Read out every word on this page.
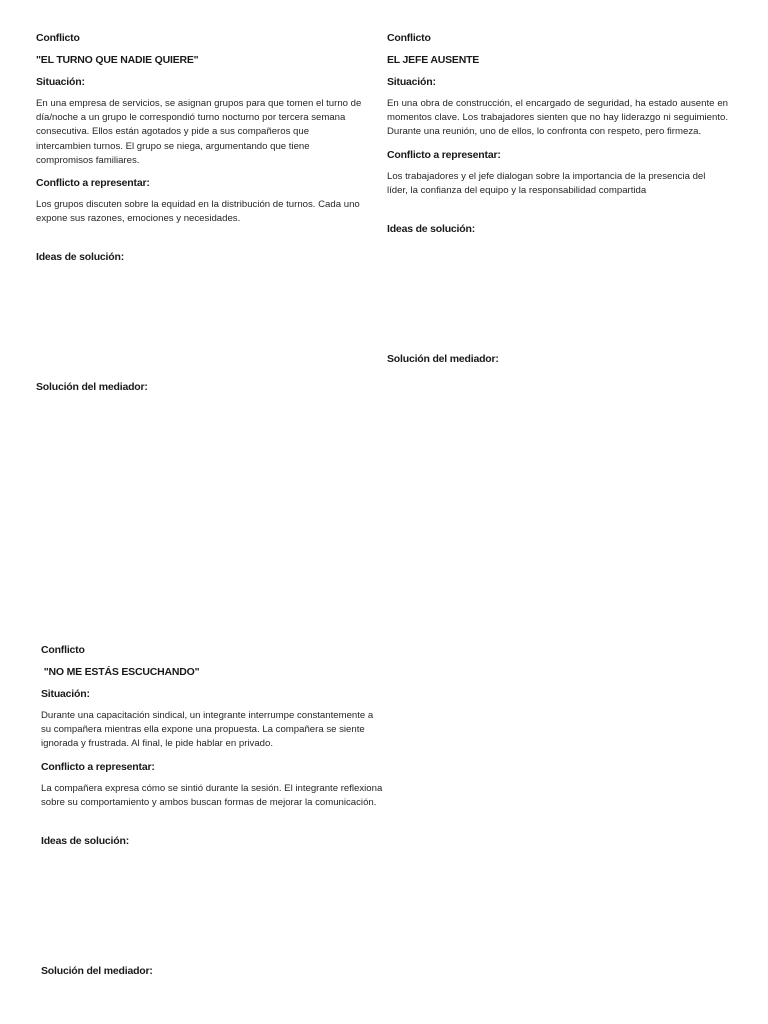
Conflicto

"EL TURNO QUE NADIE QUIERE"

Situación:

En una empresa de servicios, se asignan grupos para que tomen el turno de día/noche a un grupo le correspondió turno nocturno por tercera semana consecutiva. Ellos están agotados y pide a sus compañeros que intercambien turnos. El grupo se niega, argumentando que tiene compromisos familiares.

Conflicto a representar:

Los grupos discuten sobre la equidad en la distribución de turnos. Cada uno expone sus razones, emociones y necesidades.

Ideas de solución:

Solución del mediador:

Conflicto

EL JEFE AUSENTE

Situación:

En una obra de construcción, el encargado de seguridad, ha estado ausente en momentos clave. Los trabajadores sienten que no hay liderazgo ni seguimiento. Durante una reunión, uno de ellos, lo confronta con respeto, pero firmeza.

Conflicto a representar:

Los trabajadores y el jefe dialogan sobre la importancia de la presencia del líder, la confianza del equipo y la responsabilidad compartida

Ideas de solución:

Solución del mediador:

Conflicto

"NO ME ESTÁS ESCUCHANDO"

Situación:

Durante una capacitación sindical, un integrante interrumpe constantemente a su compañera mientras ella expone una propuesta. La compañera se siente ignorada y frustrada. Al final, le pide hablar en privado.

Conflicto a representar:

La compañera expresa cómo se sintió durante la sesión. El integrante reflexiona sobre su comportamiento y ambos buscan formas de mejorar la comunicación.

Ideas de solución:

Solución del mediador:
